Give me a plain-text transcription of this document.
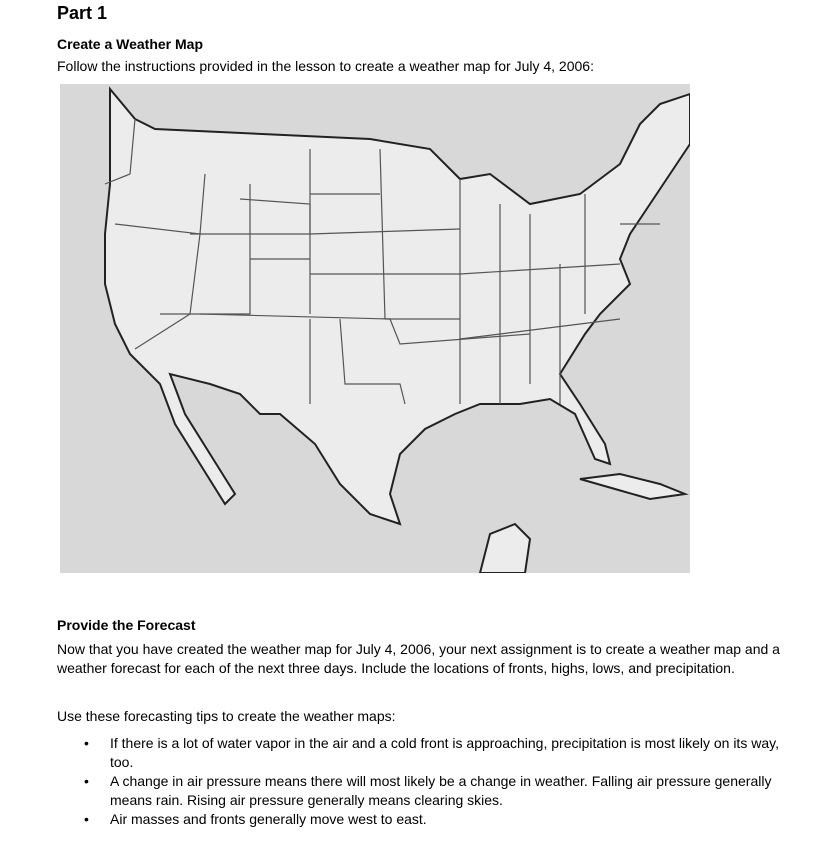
Part 1
Create a Weather Map
Follow the instructions provided in the lesson to create a weather map for July 4, 2006:
Provide the Forecast
Now that you have created the weather map for July 4, 2006, your next assignment is to create a weather map and a weather forecast for each of the next three days. Include the locations of fronts, highs, lows, and precipitation.
Use these forecasting tips to create the weather maps:
• If there is a lot of water vapor in the air and a cold front is approaching, precipitation is most likely on its way, too.
• A change in air pressure means there will most likely be a change in weather. Falling air pressure generally means rain. Rising air pressure generally means clearing skies.
• Air masses and fronts generally move west to east.
